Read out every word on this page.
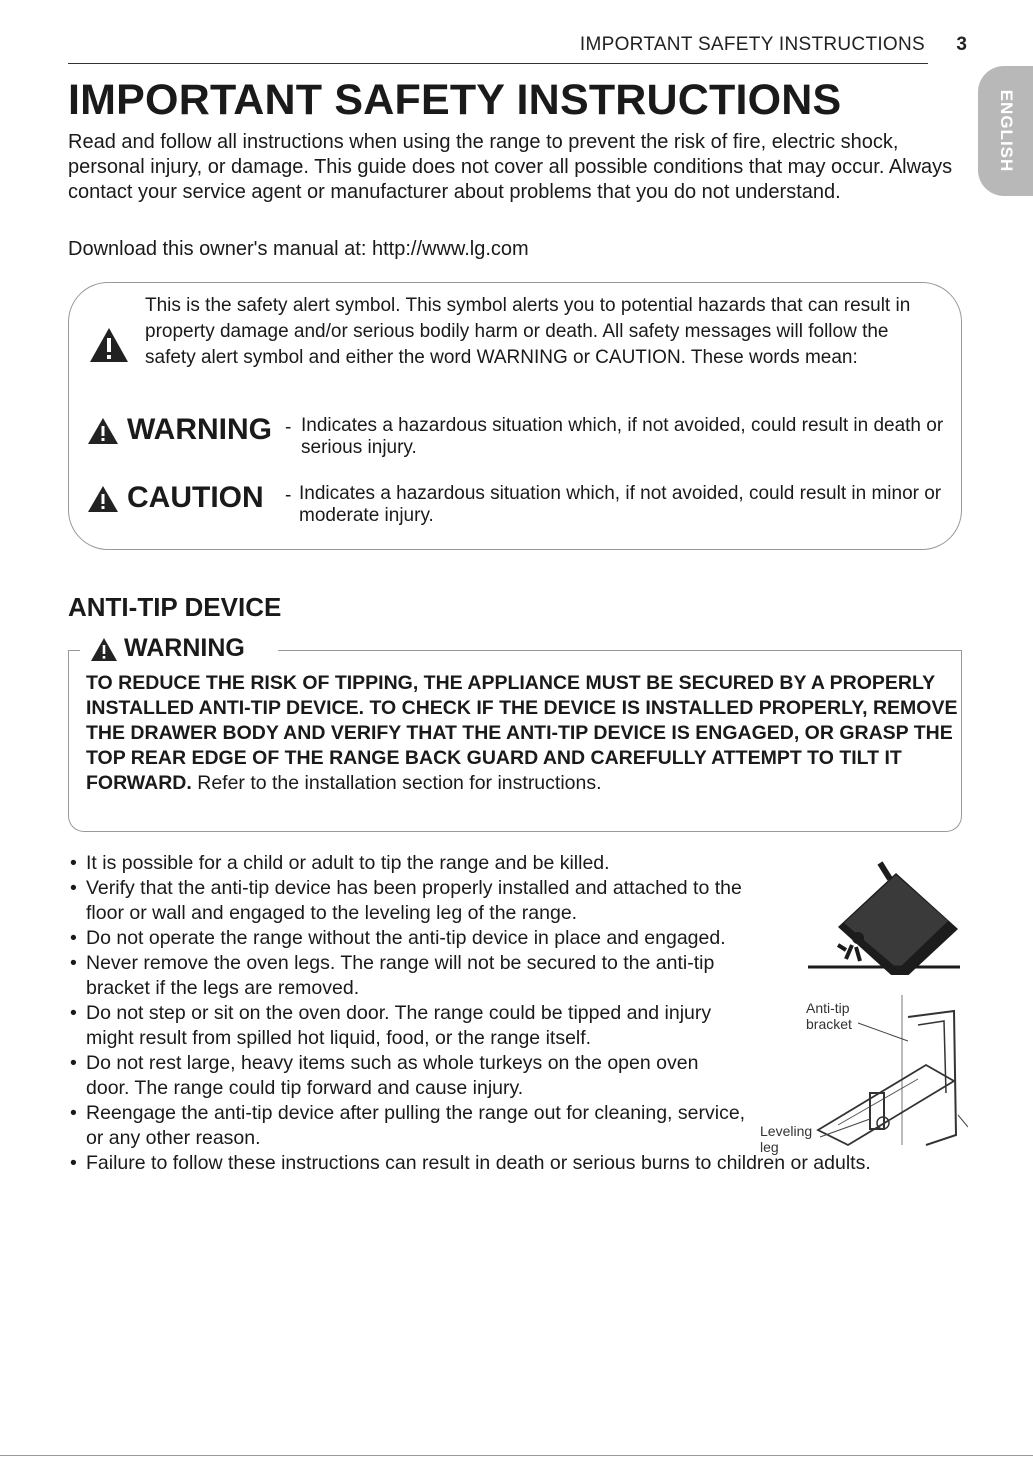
IMPORTANT SAFETY INSTRUCTIONS 3
ENGLISH
IMPORTANT SAFETY INSTRUCTIONS

Read and follow all instructions when using the range to prevent the risk of fire, electric shock, personal injury, or damage. This guide does not cover all possible conditions that may occur. Always contact your service agent or manufacturer about problems that you do not understand.

Download this owner's manual at: http://www.lg.com

This is the safety alert symbol. This symbol alerts you to potential hazards that can result in property damage and/or serious bodily harm or death. All safety messages will follow the safety alert symbol and either the word WARNING or CAUTION. These words mean:

WARNING - Indicates a hazardous situation which, if not avoided, could result in death or serious injury.
CAUTION - Indicates a hazardous situation which, if not avoided, could result in minor or moderate injury.
ANTI-TIP DEVICE
WARNING

TO REDUCE THE RISK OF TIPPING, THE APPLIANCE MUST BE SECURED BY A PROPERLY INSTALLED ANTI-TIP DEVICE. TO CHECK IF THE DEVICE IS INSTALLED PROPERLY, REMOVE THE DRAWER BODY AND VERIFY THAT THE ANTI-TIP DEVICE IS ENGAGED, OR GRASP THE TOP REAR EDGE OF THE RANGE BACK GUARD AND CAREFULLY ATTEMPT TO TILT IT FORWARD. Refer to the installation section for instructions.

• It is possible for a child or adult to tip the range and be killed.
• Verify that the anti-tip device has been properly installed and attached to the floor or wall and engaged to the leveling leg of the range.
• Do not operate the range without the anti-tip device in place and engaged.
• Never remove the oven legs. The range will not be secured to the anti-tip bracket if the legs are removed.
• Do not step or sit on the oven door. The range could be tipped and injury might result from spilled hot liquid, food, or the range itself.
• Do not rest large, heavy items such as whole turkeys on the open oven door. The range could tip forward and cause injury.
• Reengage the anti-tip device after pulling the range out for cleaning, service, or any other reason.
• Failure to follow these instructions can result in death or serious burns to children or adults.
Anti-tip
bracket
Leveling
leg
